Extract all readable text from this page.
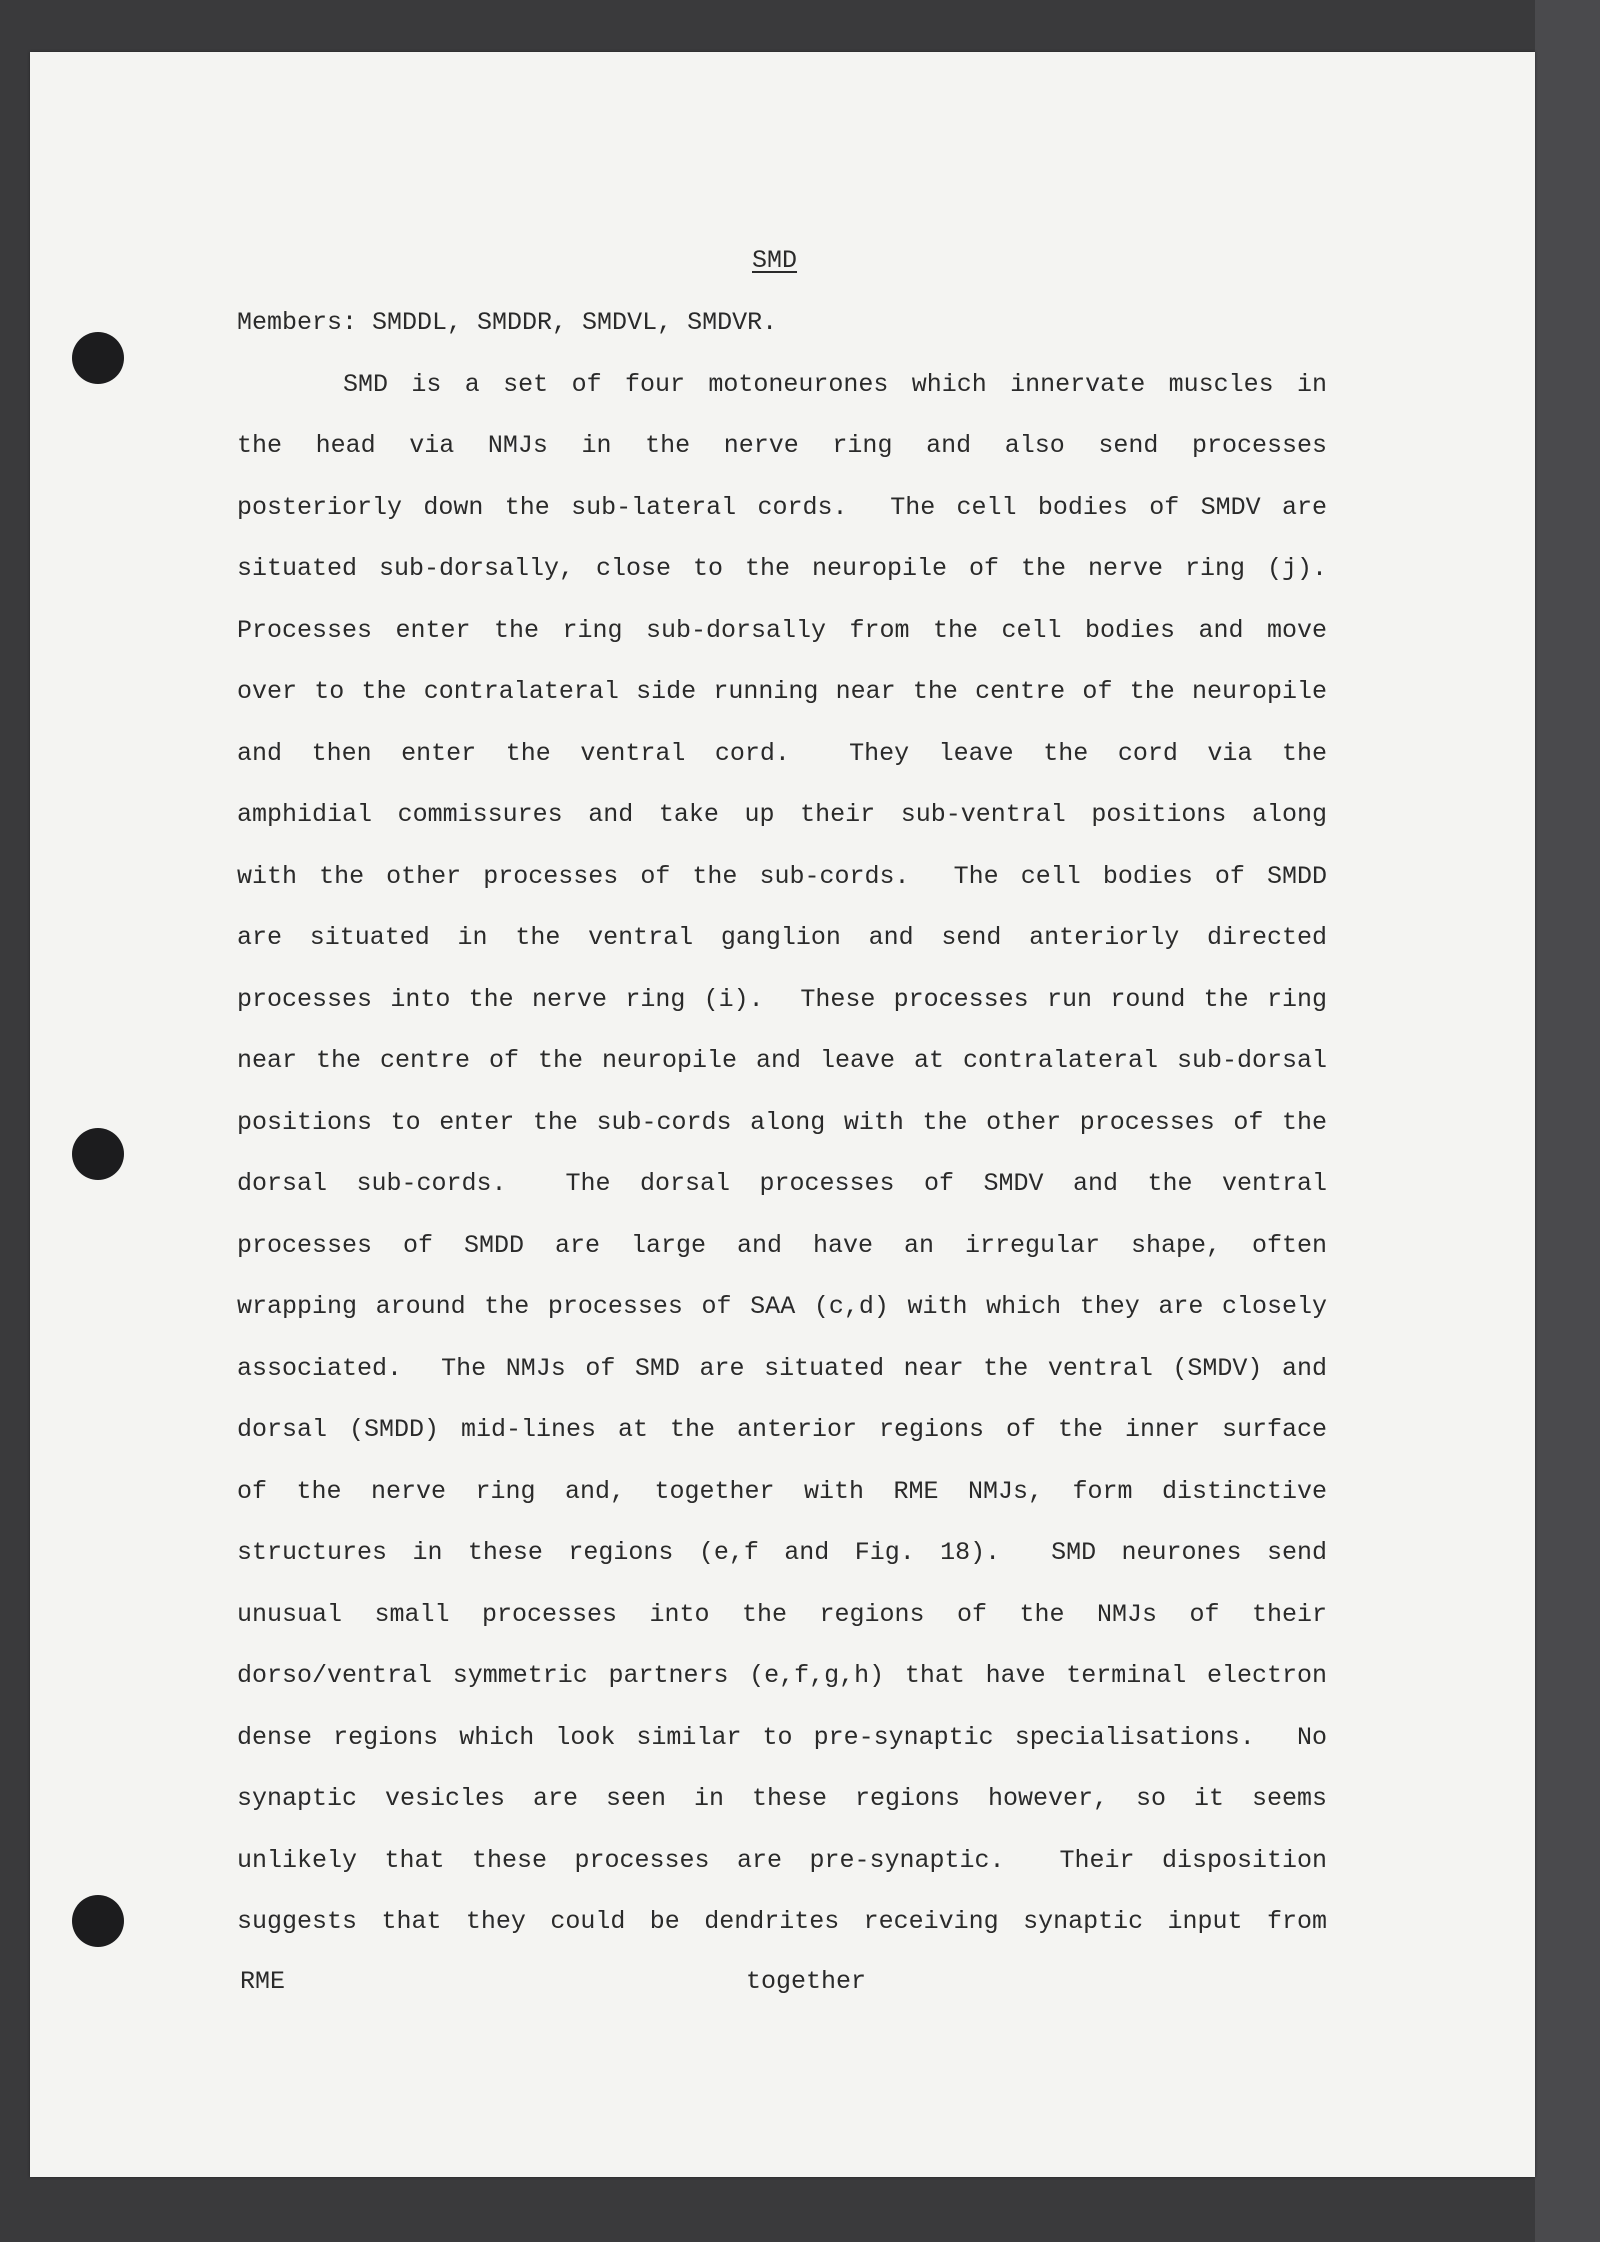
SMD
Members: SMDDL, SMDDR, SMDVL, SMDVR.
SMD is a set of four motoneurones which innervate muscles in
the head via NMJs in the nerve ring and also send processes
posteriorly down the sub-lateral cords.  The cell bodies of SMDV are
situated sub-dorsally, close to the neuropile of the nerve ring (j).
Processes enter the ring sub-dorsally from the cell bodies and move
over to the contralateral side running near the centre of the neuropile
and then enter the ventral cord.  They leave the cord via the
amphidial commissures and take up their sub-ventral positions along
with the other processes of the sub-cords.  The cell bodies of SMDD
are situated in the ventral ganglion and send anteriorly directed
processes into the nerve ring (i).  These processes run round the ring
near the centre of the neuropile and leave at contralateral sub-dorsal
positions to enter the sub-cords along with the other processes of the
dorsal sub-cords.  The dorsal processes of SMDV and the ventral
processes of SMDD are large and have an irregular shape, often
wrapping around the processes of SAA (c,d) with which they are closely
associated.  The NMJs of SMD are situated near the ventral (SMDV) and
dorsal (SMDD) mid-lines at the anterior regions of the inner surface
of the nerve ring and, together with RME NMJs, form distinctive
structures in these regions (e,f and Fig. 18).  SMD neurones send
unusual small processes into the regions of the NMJs of their
dorso/ventral symmetric partners (e,f,g,h) that have terminal electron
dense regions which look similar to pre-synaptic specialisations.  No
synaptic vesicles are seen in these regions however, so it seems
unlikely that these processes are pre-synaptic.  Their disposition
suggests that they could be dendrites receiving synaptic input from
RME	together
